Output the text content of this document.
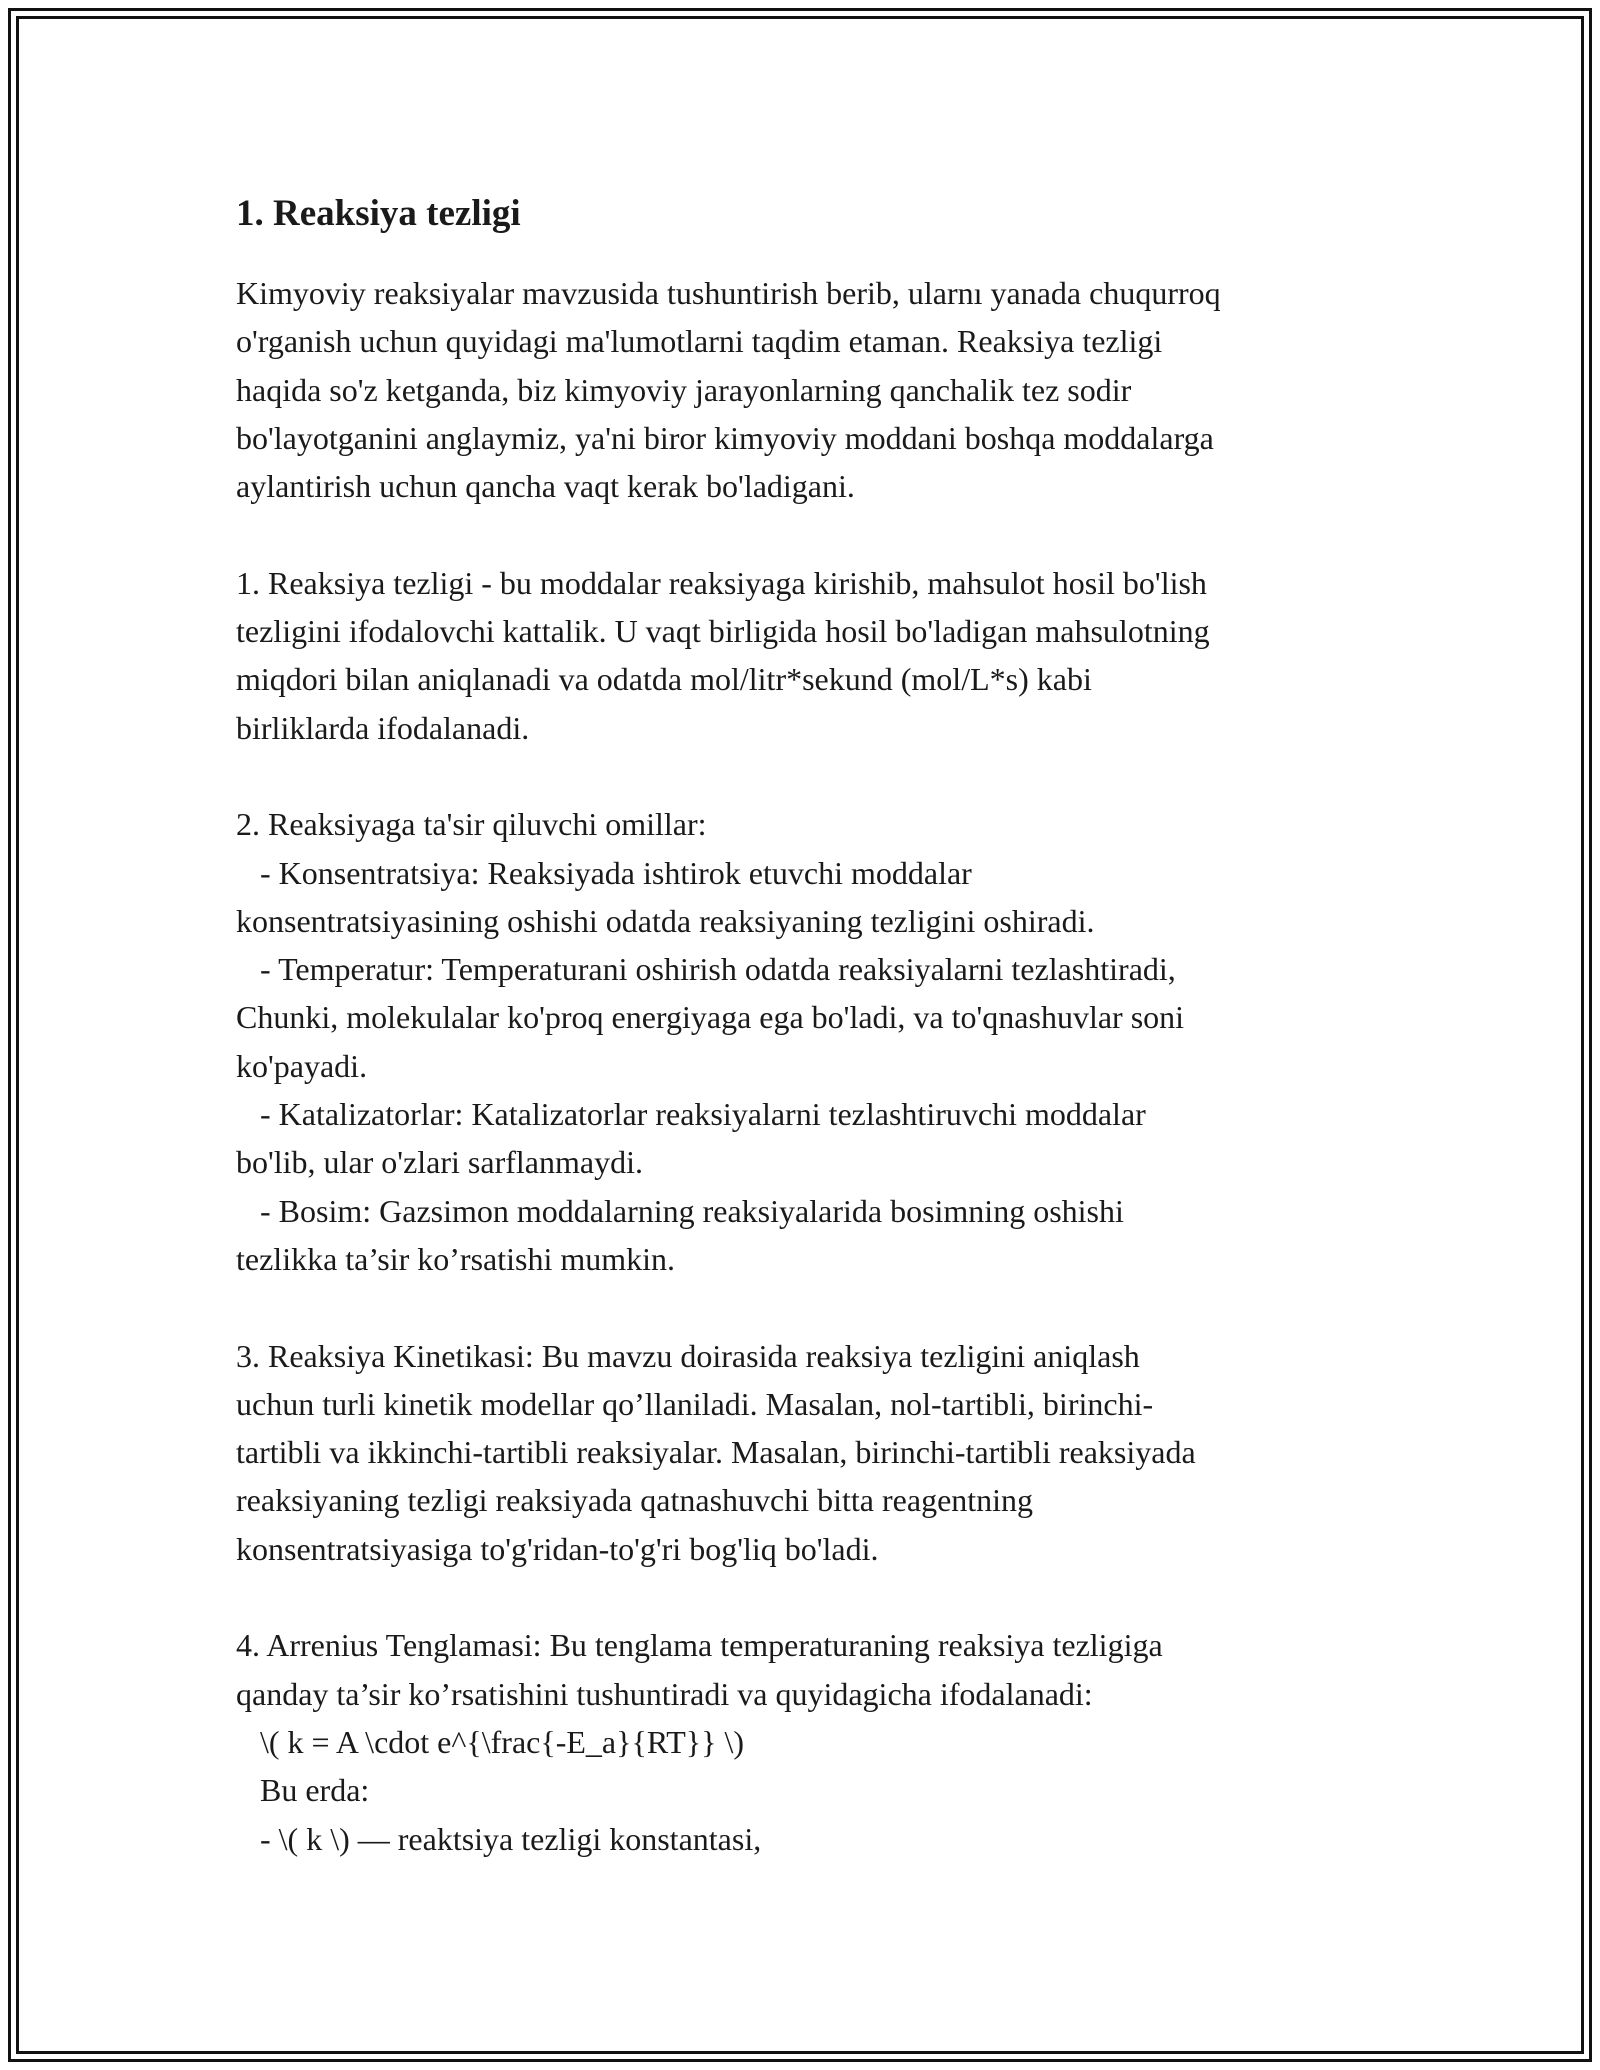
1. Reaksiya tezligi

Kimyoviy reaksiyalar mavzusida tushuntirish berib, ularnı yanada chuqurroq
o'rganish uchun quyidagi ma'lumotlarni taqdim etaman. Reaksiya tezligi
haqida so'z ketganda, biz kimyoviy jarayonlarning qanchalik tez sodir
bo'layotganini anglaymiz, ya'ni biror kimyoviy moddani boshqa moddalarga
aylantirish uchun qancha vaqt kerak bo'ladigani.

1. Reaksiya tezligi - bu moddalar reaksiyaga kirishib, mahsulot hosil bo'lish
tezligini ifodalovchi kattalik. U vaqt birligida hosil bo'ladigan mahsulotning
miqdori bilan aniqlanadi va odatda mol/litr*sekund (mol/L*s) kabi
birliklarda ifodalanadi.

2. Reaksiyaga ta'sir qiluvchi omillar:
- Konsentratsiya: Reaksiyada ishtirok etuvchi moddalar
konsentratsiyasining oshishi odatda reaksiyaning tezligini oshiradi.
- Temperatur: Temperaturani oshirish odatda reaksiyalarni tezlashtiradi,
Chunki, molekulalar ko'proq energiyaga ega bo'ladi, va to'qnashuvlar soni
ko'payadi.
- Katalizatorlar: Katalizatorlar reaksiyalarni tezlashtiruvchi moddalar
bo'lib, ular o'zlari sarflanmaydi.
- Bosim: Gazsimon moddalarning reaksiyalarida bosimning oshishi
tezlikka ta’sir ko’rsatishi mumkin.

3. Reaksiya Kinetikasi: Bu mavzu doirasida reaksiya tezligini aniqlash
uchun turli kinetik modellar qo’llaniladi. Masalan, nol-tartibli, birinchi-
tartibli va ikkinchi-tartibli reaksiyalar. Masalan, birinchi-tartibli reaksiyada
reaksiyaning tezligi reaksiyada qatnashuvchi bitta reagentning
konsentratsiyasiga to'g'ridan-to'g'ri bog'liq bo'ladi.

4. Arrenius Tenglamasi: Bu tenglama temperaturaning reaksiya tezligiga
qanday ta’sir ko’rsatishini tushuntiradi va quyidagicha ifodalanadi:
\( k = A \cdot e^{\frac{-E_a}{RT}} \)
Bu erda:
- \( k \) — reaktsiya tezligi konstantasi,
